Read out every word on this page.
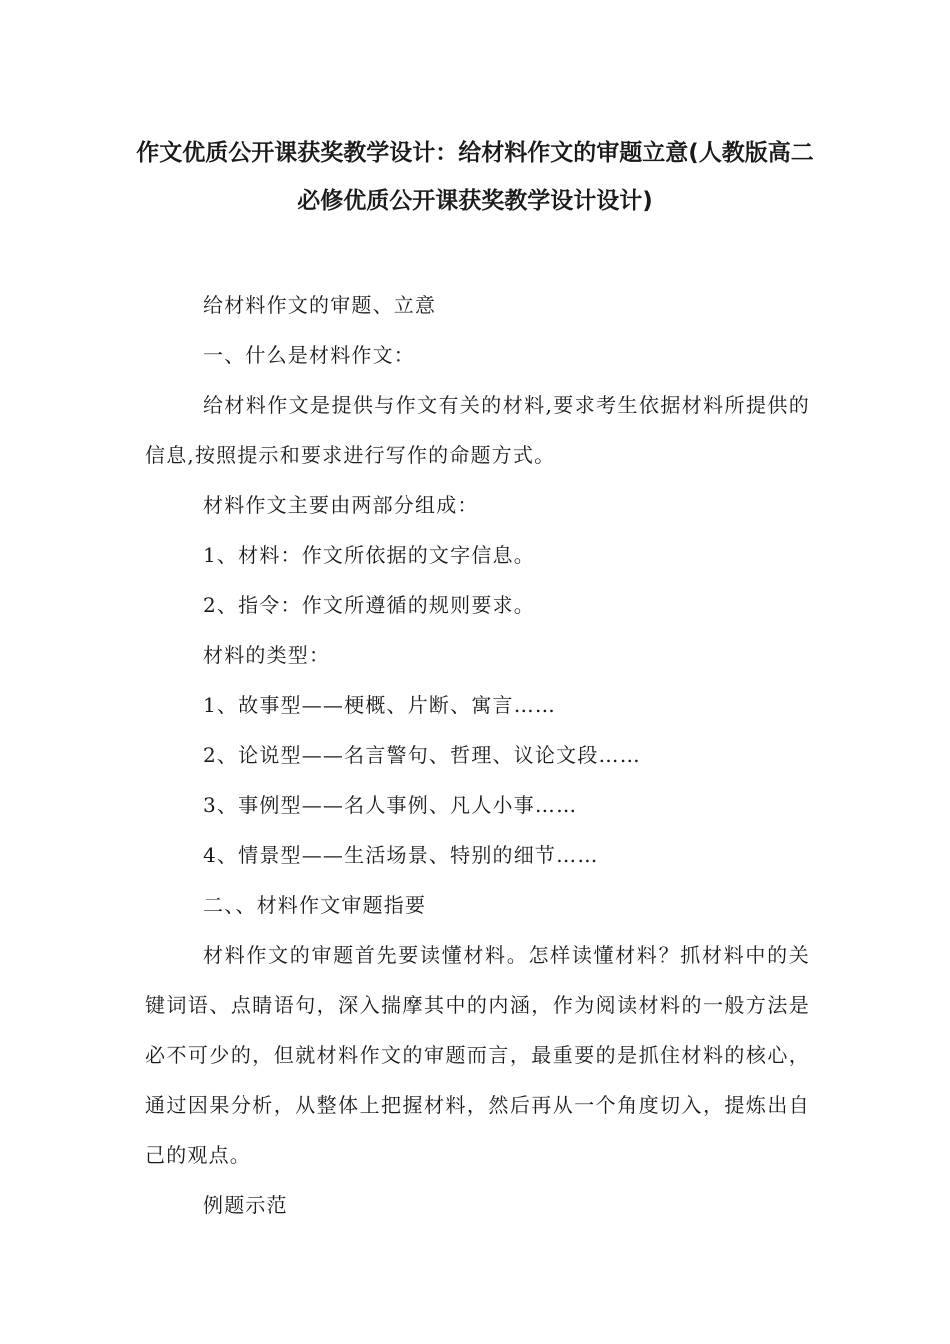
作文优质公开课获奖教学设计：给材料作文的审题立意(人教版高二
必修优质公开课获奖教学设计设计)

给材料作文的审题、立意

一、什么是材料作文：

给材料作文是提供与作文有关的材料,要求考生依据材料所提供的信息,按照提示和要求进行写作的命题方式。

材料作文主要由两部分组成：

1、材料：作文所依据的文字信息。

2、指令：作文所遵循的规则要求。

材料的类型：

1、故事型——梗概、片断、寓言……

2、论说型——名言警句、哲理、议论文段……

3、事例型——名人事例、凡人小事……

4、情景型——生活场景、特别的细节……

二、、材料作文审题指要

材料作文的审题首先要读懂材料。怎样读懂材料？抓材料中的关键词语、点睛语句，深入揣摩其中的内涵，作为阅读材料的一般方法是必不可少的，但就材料作文的审题而言，最重要的是抓住材料的核心，通过因果分析，从整体上把握材料，然后再从一个角度切入，提炼出自己的观点。

例题示范
